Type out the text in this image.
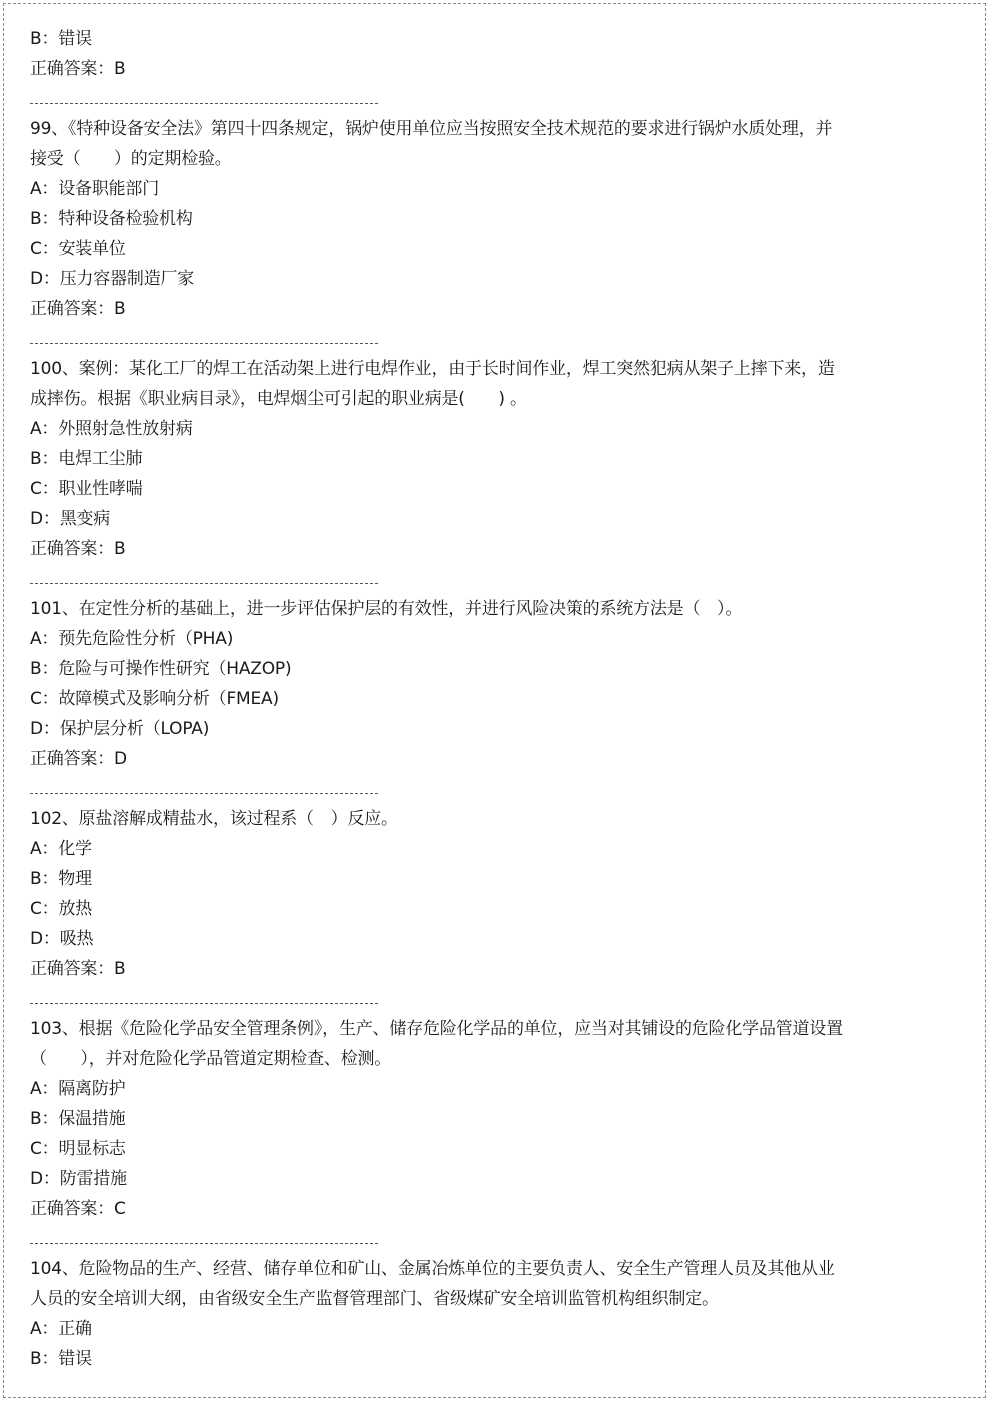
B：错误
正确答案：B
99、《特种设备安全法》第四十四条规定，锅炉使用单位应当按照安全技术规范的要求进行锅炉水质处理，并
接受（　　）的定期检验。
A：设备职能部门
B：特种设备检验机构
C：安装单位
D：压力容器制造厂家
正确答案：B
100、案例：某化工厂的焊工在活动架上进行电焊作业，由于长时间作业，焊工突然犯病从架子上摔下来，造
成摔伤。根据《职业病目录》，电焊烟尘可引起的职业病是(　　) 。
A：外照射急性放射病
B：电焊工尘肺
C：职业性哮喘
D：黑变病
正确答案：B
101、在定性分析的基础上，进一步评估保护层的有效性，并进行风险决策的系统方法是（　）。
A：预先危险性分析（PHA)
B：危险与可操作性研究（HAZOP)
C：故障模式及影响分析（FMEA)
D：保护层分析（LOPA)
正确答案：D
102、原盐溶解成精盐水，该过程系（　）反应。
A：化学
B：物理
C：放热
D：吸热
正确答案：B
103、根据《危险化学品安全管理条例》，生产、储存危险化学品的单位，应当对其铺设的危险化学品管道设置
（　　），并对危险化学品管道定期检查、检测。
A：隔离防护
B：保温措施
C：明显标志
D：防雷措施
正确答案：C
104、危险物品的生产、经营、储存单位和矿山、金属冶炼单位的主要负责人、安全生产管理人员及其他从业
人员的安全培训大纲，由省级安全生产监督管理部门、省级煤矿安全培训监管机构组织制定。
A：正确
B：错误
